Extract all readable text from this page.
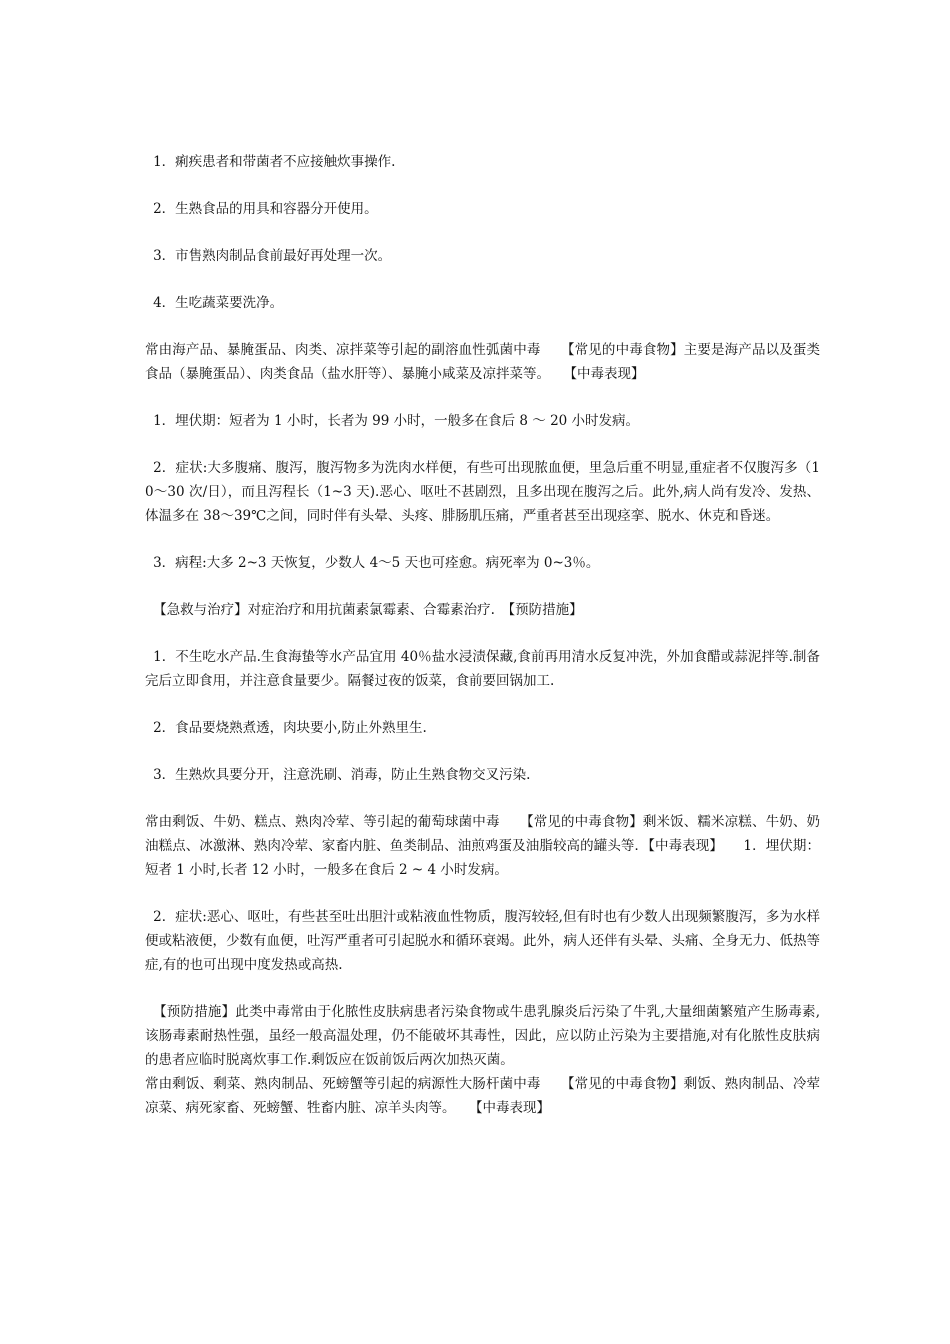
1．痢疾患者和带菌者不应接触炊事操作.

2．生熟食品的用具和容器分开使用。

3．市售熟肉制品食前最好再处理一次。

4．生吃蔬菜要洗净。

常由海产品、暴腌蛋品、肉类、凉拌菜等引起的副溶血性弧菌中毒　　【常见的中毒食物】主要是海产品以及蛋类食品（暴腌蛋品）、肉类食品（盐水肝等）、暴腌小咸菜及凉拌菜等。　　【中毒表现】

1．埋伏期：短者为 1 小时，长者为 99 小时，一般多在食后 8 ～ 20 小时发病。

2．症状:大多腹痛、腹泻，腹泻物多为洗肉水样便，有些可出现脓血便，里急后重不明显,重症者不仅腹泻多（10～30 次/日），而且泻程长（1~3 天).恶心、呕吐不甚剧烈，且多出现在腹泻之后。此外,病人尚有发冷、发热、体温多在 38～39℃之间，同时伴有头晕、头疼、腓肠肌压痛，严重者甚至出现痉挛、脱水、休克和昏迷。

3．病程:大多 2~3 天恢复，少数人 4～5 天也可痊愈。病死率为 0~3％。

【急救与治疗】对症治疗和用抗菌素氯霉素、合霉素治疗.　【预防措施】

1．不生吃水产品.生食海蛰等水产品宜用 40％盐水浸渍保藏,食前再用清水反复冲洗，外加食醋或蒜泥拌等.制备完后立即食用，并注意食量要少。隔餐过夜的饭菜，食前要回锅加工.

2．食品要烧熟煮透，肉块要小,防止外熟里生.

3．生熟炊具要分开，注意洗刷、消毒，防止生熟食物交叉污染.

常由剩饭、牛奶、糕点、熟肉冷荤、等引起的葡萄球菌中毒　　【常见的中毒食物】剩米饭、糯米凉糕、牛奶、奶油糕点、冰激淋、熟肉冷荤、家畜内脏、鱼类制品、油煎鸡蛋及油脂较高的罐头等．【中毒表现】　　1．埋伏期：短者 1 小时,长者 12 小时，一般多在食后 2 ~ 4 小时发病。

2．症状:恶心、呕吐，有些甚至吐出胆汁或粘液血性物质，腹泻较轻,但有时也有少数人出现频繁腹泻，多为水样便或粘液便，少数有血便，吐泻严重者可引起脱水和循环衰竭。此外，病人还伴有头晕、头痛、全身无力、低热等症,有的也可出现中度发热或高热.

【预防措施】此类中毒常由于化脓性皮肤病患者污染食物或牛患乳腺炎后污染了牛乳,大量细菌繁殖产生肠毒素,该肠毒素耐热性强，虽经一般高温处理，仍不能破坏其毒性，因此，应以防止污染为主要措施,对有化脓性皮肤病的患者应临时脱离炊事工作.剩饭应在饭前饭后两次加热灭菌。

常由剩饭、剩菜、熟肉制品、死螃蟹等引起的病源性大肠杆菌中毒　　【常见的中毒食物】剩饭、熟肉制品、冷荤凉菜、病死家畜、死螃蟹、牲畜内脏、凉羊头肉等。　　【中毒表现】
